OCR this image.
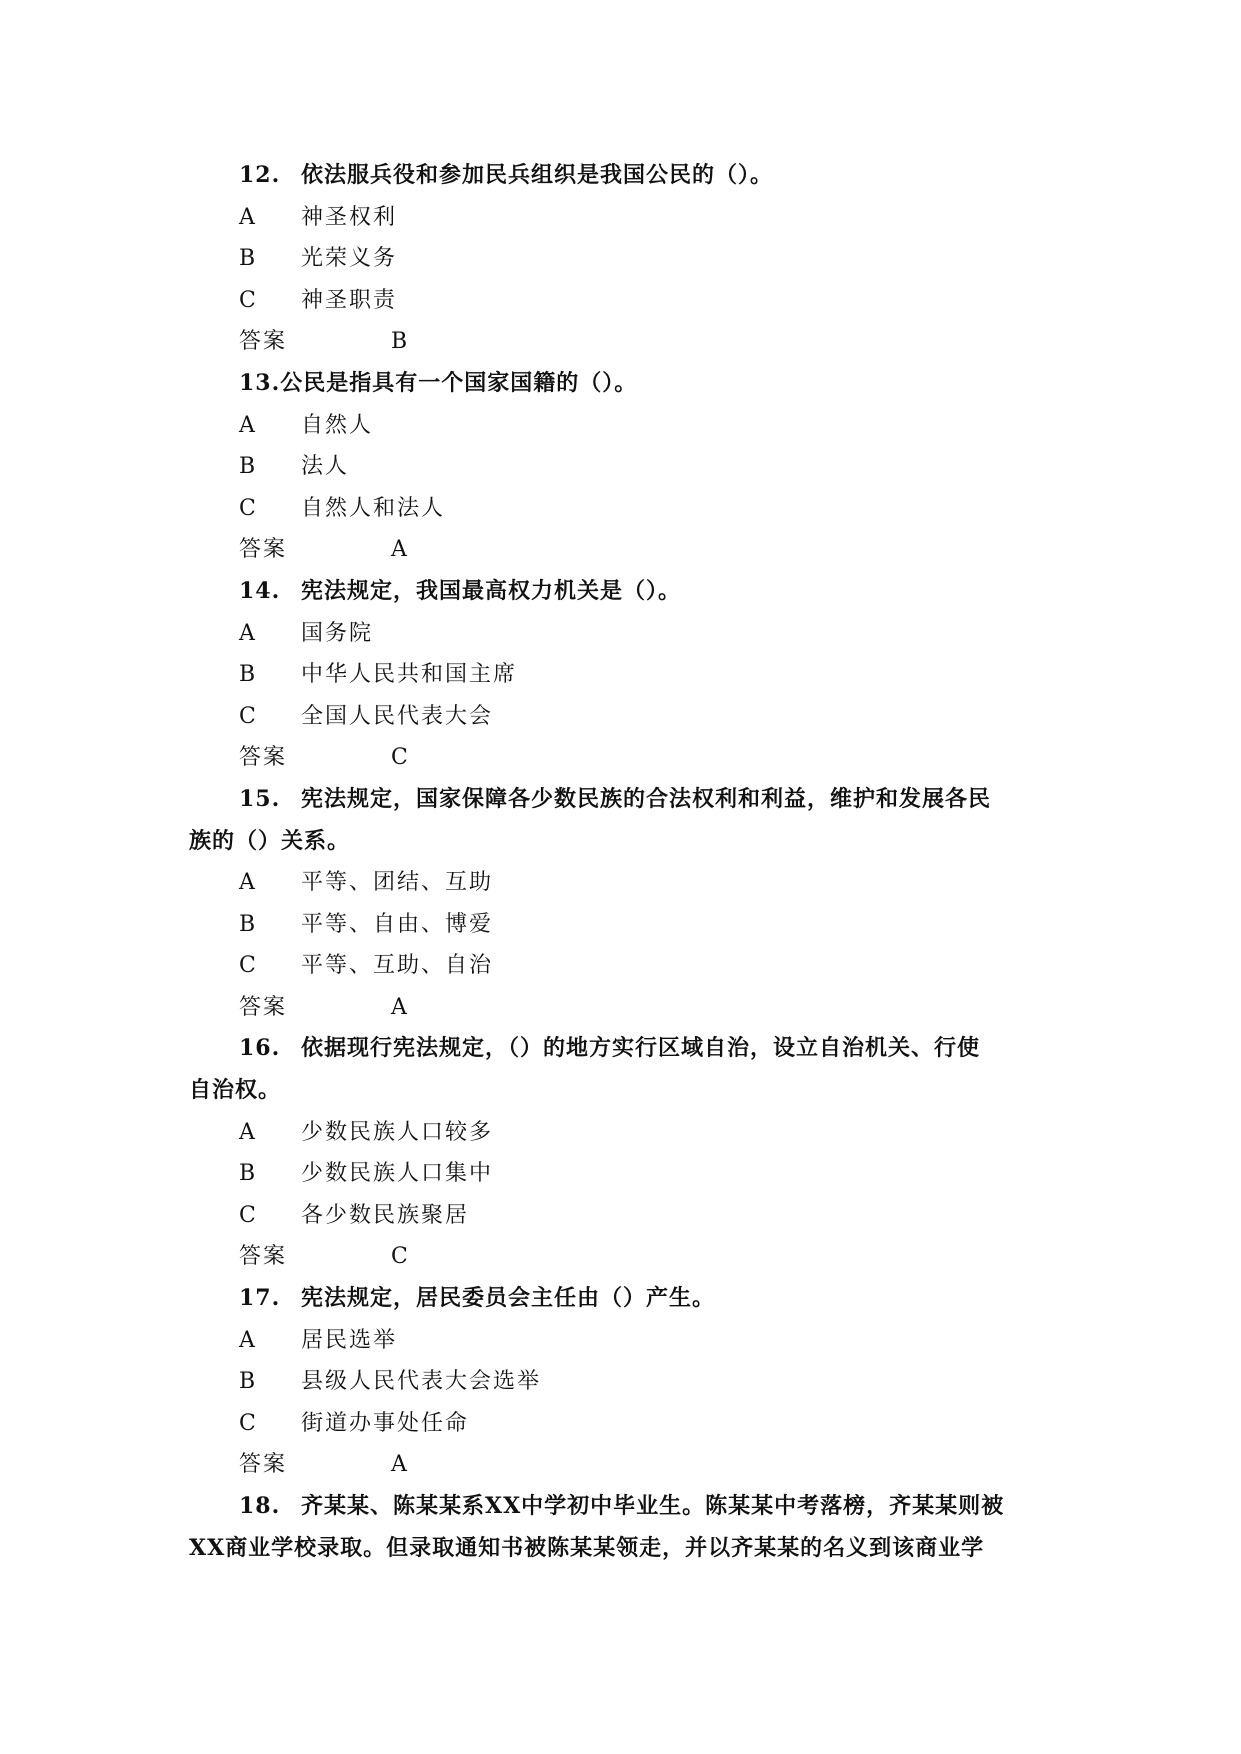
12. 依法服兵役和参加民兵组织是我国公民的（）。
A 神圣权利
B 光荣义务
C 神圣职责
答案	B
13.公民是指具有一个国家国籍的（）。
A 自然人
B 法人
C 自然人和法人
答案	A
14. 宪法规定，我国最高权力机关是（）。
A 国务院
B 中华人民共和国主席
C 全国人民代表大会
答案	C
15. 宪法规定，国家保障各少数民族的合法权利和利益，维护和发展各民
族的（）关系。
A 平等、团结、互助
B 平等、自由、博爱
C 平等、互助、自治
答案	A
16. 依据现行宪法规定，（）的地方实行区域自治，设立自治机关、行使
自治权。
A 少数民族人口较多
B 少数民族人口集中
C 各少数民族聚居
答案	C
17. 宪法规定，居民委员会主任由（）产生。
A 居民选举
B 县级人民代表大会选举
C 街道办事处任命
答案	A
18. 齐某某、陈某某系XX中学初中毕业生。陈某某中考落榜，齐某某则被
XX商业学校录取。但录取通知书被陈某某领走，并以齐某某的名义到该商业学
